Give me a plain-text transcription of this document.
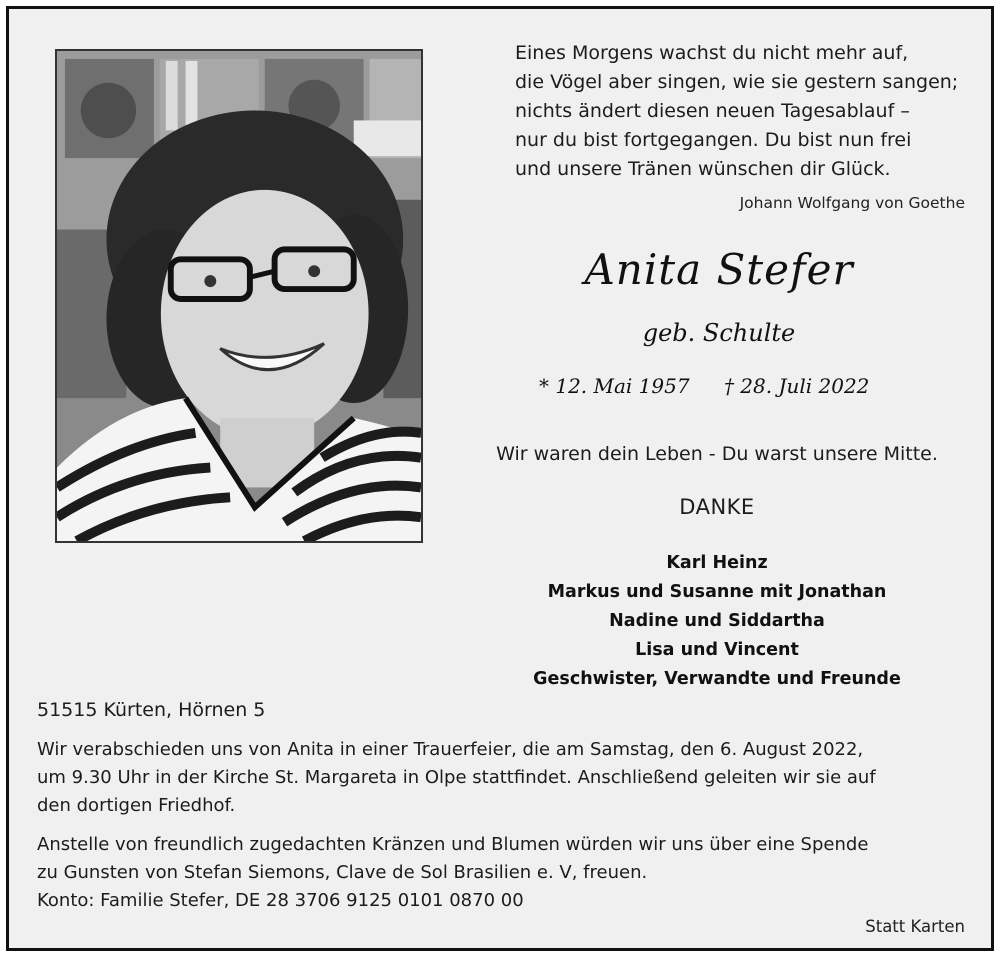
Eines Morgens wachst du nicht mehr auf,
die Vögel aber singen, wie sie gestern sangen;
nichts ändert diesen neuen Tagesablauf –
nur du bist fortgegangen. Du bist nun frei
und unsere Tränen wünschen dir Glück.
Johann Wolfgang von Goethe
Anita Stefer
geb. Schulte
* 12. Mai 1957 † 28. Juli 2022
Wir waren dein Leben - Du warst unsere Mitte.
DANKE
Karl Heinz
Markus und Susanne mit Jonathan
Nadine und Siddartha
Lisa und Vincent
Geschwister, Verwandte und Freunde
51515 Kürten, Hörnen 5
Wir verabschieden uns von Anita in einer Trauerfeier, die am Samstag, den 6. August 2022,
um 9.30 Uhr in der Kirche St. Margareta in Olpe stattfindet. Anschließend geleiten wir sie auf
den dortigen Friedhof.
Anstelle von freundlich zugedachten Kränzen und Blumen würden wir uns über eine Spende
zu Gunsten von Stefan Siemons, Clave de Sol Brasilien e. V, freuen.
Konto: Familie Stefer, DE 28 3706 9125 0101 0870 00
Statt Karten
